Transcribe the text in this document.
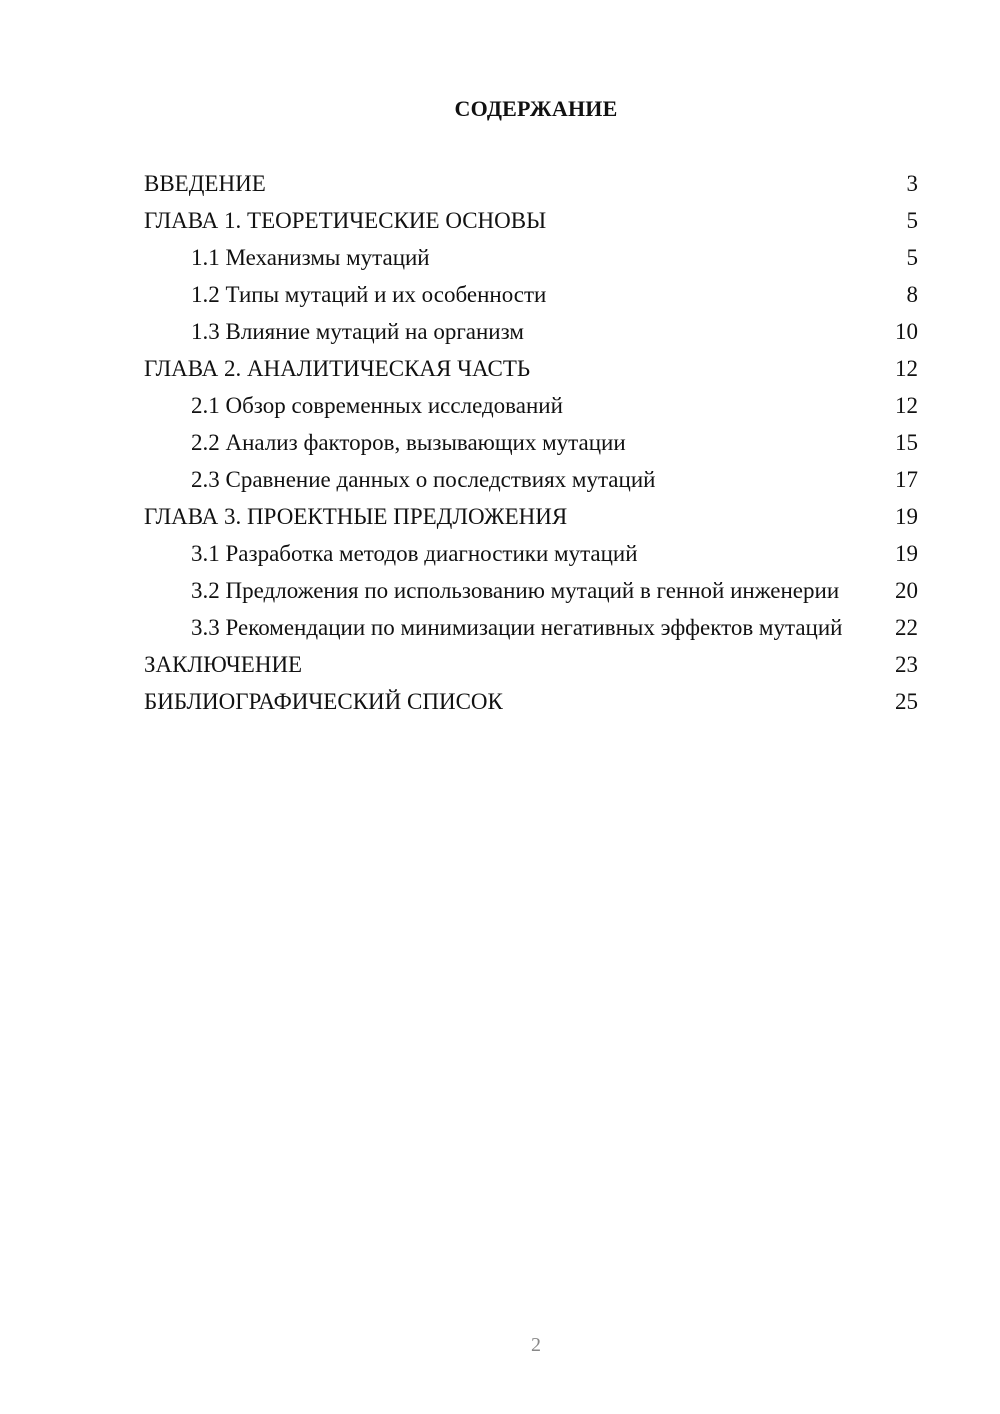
СОДЕРЖАНИЕ
ВВЕДЕНИЕ	3
ГЛАВА 1. ТЕОРЕТИЧЕСКИЕ ОСНОВЫ	5
1.1 Механизмы мутаций	5
1.2 Типы мутаций и их особенности	8
1.3 Влияние мутаций на организм	10
ГЛАВА 2. АНАЛИТИЧЕСКАЯ ЧАСТЬ	12
2.1 Обзор современных исследований	12
2.2 Анализ факторов, вызывающих мутации	15
2.3 Сравнение данных о последствиях мутаций	17
ГЛАВА 3. ПРОЕКТНЫЕ ПРЕДЛОЖЕНИЯ	19
3.1 Разработка методов диагностики мутаций	19
3.2 Предложения по использованию мутаций в генной инженерии	20
3.3 Рекомендации по минимизации негативных эффектов мутаций	22
ЗАКЛЮЧЕНИЕ	23
БИБЛИОГРАФИЧЕСКИЙ СПИСОК	25
2
